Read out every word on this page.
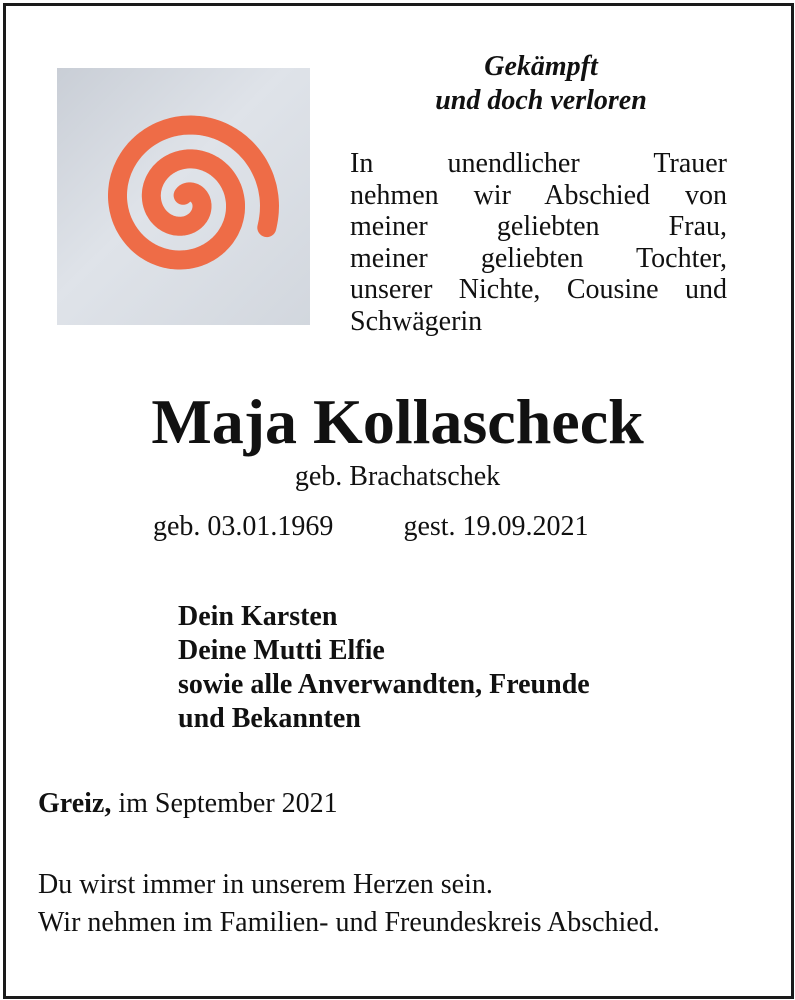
Gekämpft
und doch verloren
In unendlicher Trauer
nehmen wir Abschied von
meiner geliebten Frau,
meiner geliebten Tochter,
unserer Nichte, Cousine und
Schwägerin
Maja Kollascheck
geb. Brachatschek
geb. 03.01.1969	gest. 19.09.2021
Dein Karsten
Deine Mutti Elfie
sowie alle Anverwandten, Freunde
und Bekannten
Greiz, im September 2021
Du wirst immer in unserem Herzen sein.
Wir nehmen im Familien- und Freundeskreis Abschied.
